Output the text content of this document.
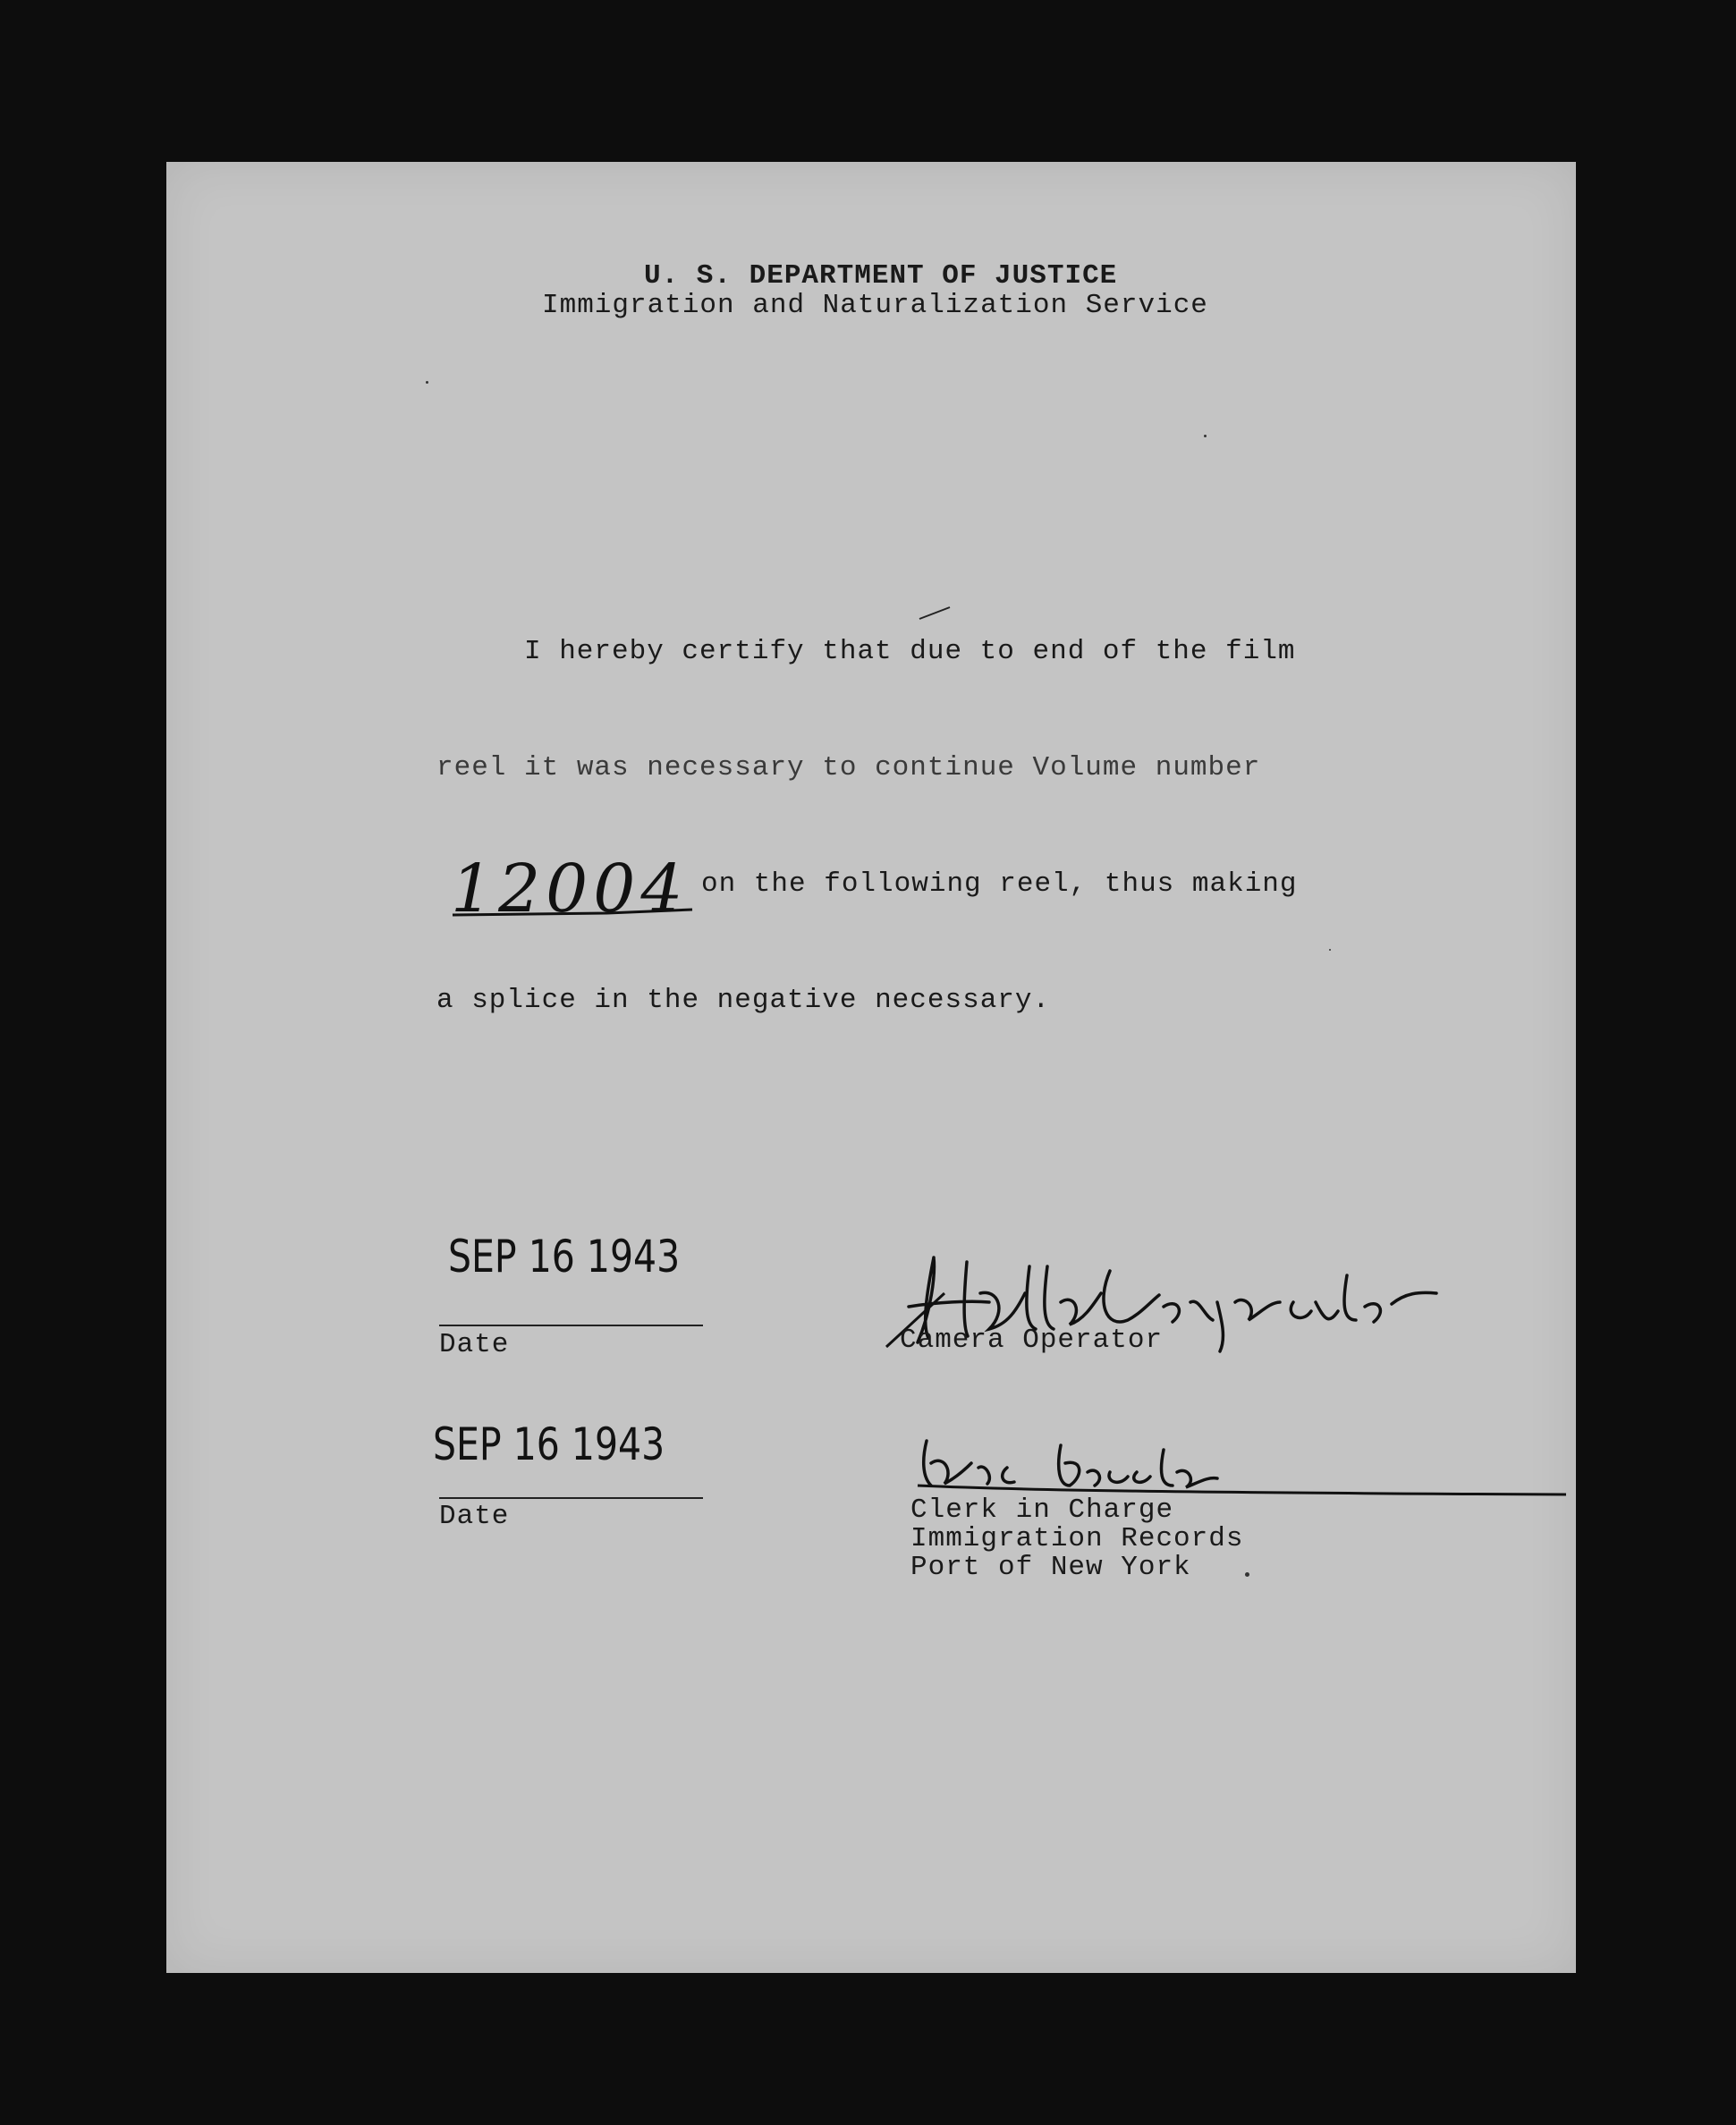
U. S. DEPARTMENT OF JUSTICE
Immigration and Naturalization Service
I hereby certify that due to end of the film
reel it was necessary to continue Volume number
12004 on the following reel, thus making
a splice in the negative necessary.
SEP 16 1943
Date	Camera Operator
SEP 16 1943
Date	Clerk in Charge
Immigration Records
Port of New York
